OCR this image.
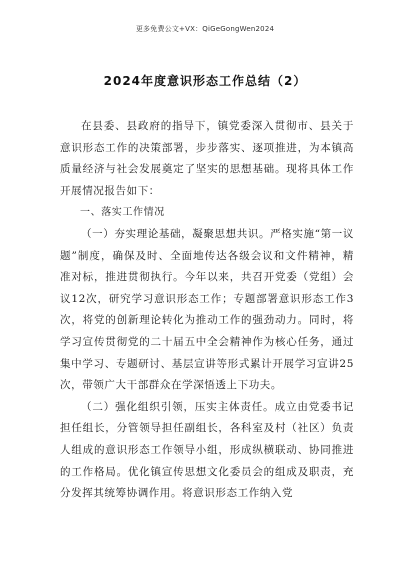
更多免费公文+VX：QiGeGongWen2024
2024年度意识形态工作总结（2）

在县委、县政府的指导下，镇党委深入贯彻市、县关于意识形态工作的决策部署，步步落实、逐项推进，为本镇高质量经济与社会发展奠定了坚实的思想基础。现将具体工作开展情况报告如下：

一、落实工作情况

（一）夯实理论基础，凝聚思想共识。严格实施“第一议题”制度，确保及时、全面地传达各级会议和文件精神，精准对标，推进贯彻执行。今年以来，共召开党委（党组）会议12次，研究学习意识形态工作；专题部署意识形态工作3次，将党的创新理论转化为推动工作的强劲动力。同时，将学习宣传贯彻党的二十届五中全会精神作为核心任务，通过集中学习、专题研讨、基层宣讲等形式累计开展学习宣讲25次，带领广大干部群众在学深悟透上下功夫。

（二）强化组织引领，压实主体责任。成立由党委书记担任组长，分管领导担任副组长，各科室及村（社区）负责人组成的意识形态工作领导小组，形成纵横联动、协同推进的工作格局。优化镇宣传思想文化委员会的组成及职责，充分发挥其统筹协调作用。将意识形态工作纳入党
